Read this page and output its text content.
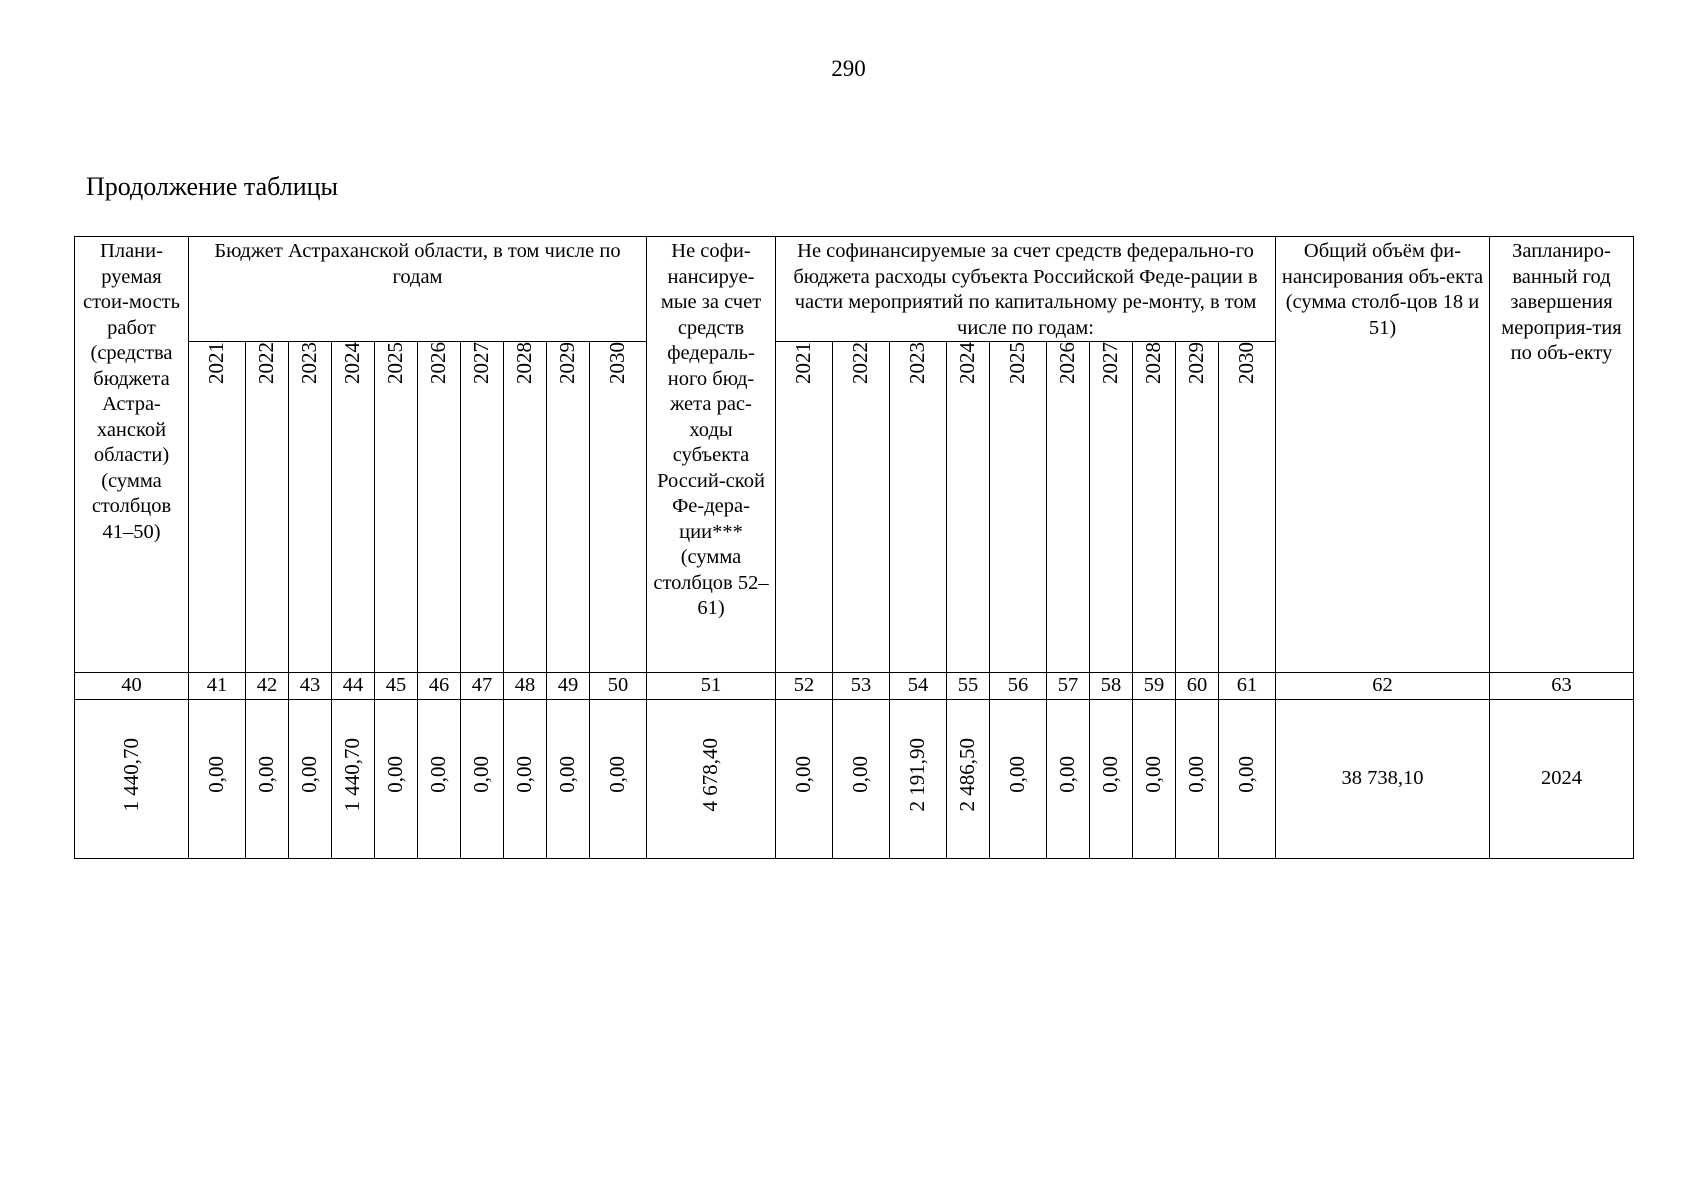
290
Продолжение таблицы
Плани-руемая стои-мость работ (средства бюджета Астра-ханской области) (сумма столбцов 41–50)	Бюджет Астраханской области, в том числе по годам										Не софи-нансируе-мые за счет средств федераль-ного бюд-жета рас-ходы субъекта Россий-ской Фе-дера-ции*** (сумма столбцов 52–61)	Не софинансируемые за счет средств федерально-го бюджета расходы субъекта Российской Феде-рации в части мероприятий по капитальному ре-монту, в том числе по годам:										Общий объём фи-нансирования объ-екта (сумма столб-цов 18 и 51)	Запланиро-ванный год завершения мероприя-тия по объ-екту

	2021	2022	2023	2024	2025	2026	2027	2028	2029	2030		2021	2022	2023	2024	2025	2026	2027	2028	2029	2030		
40	41	42	43	44	45	46	47	48	49	50	51	52	53	54	55	56	57	58	59	60	61	62	63
1 440,70	0,00	0,00	0,00	1 440,70	0,00	0,00	0,00	0,00	0,00	0,00	4 678,40	0,00	0,00	2 191,90	2 486,50	0,00	0,00	0,00	0,00	0,00	0,00	38 738,10	2024
